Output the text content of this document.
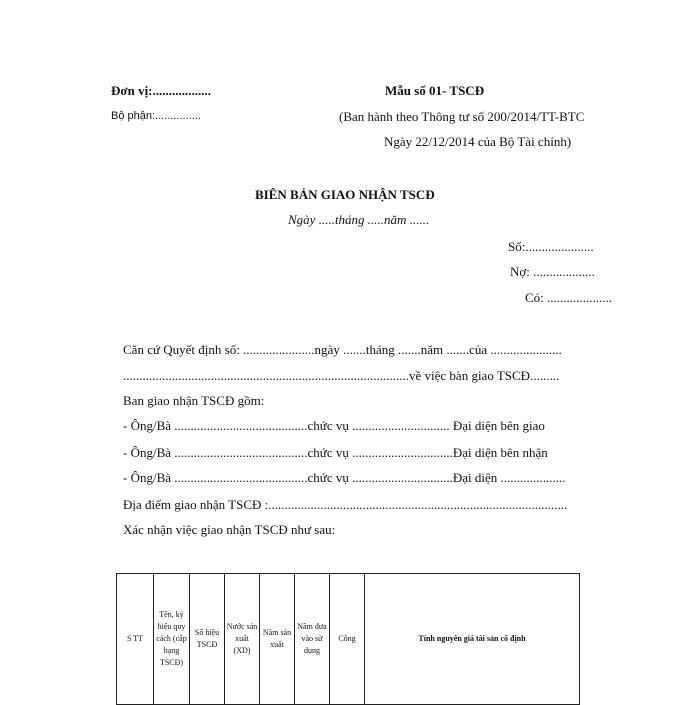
Đơn vị:..................
Bộ phận:...............
Mẫu số 01- TSCĐ
(Ban hành theo Thông tư số 200/2014/TT-BTC
Ngày 22/12/2014 của Bộ Tài chính)
BIÊN BẢN GIAO NHẬN TSCĐ
Ngày .....tháng .....năm ......
Số:.....................
Nợ: ...................
Có: ....................
Căn cứ Quyết định số: ......................ngày .......tháng .......năm .......của ......................
........................................................................................về việc bàn giao TSCĐ.........
Ban giao nhận TSCĐ gồm:
- Ông/Bà .........................................chức vụ .............................. Đại diện bên giao
- Ông/Bà .........................................chức vụ ...............................Đại diện bên nhận
- Ông/Bà .........................................chức vụ ...............................Đại diện ....................
Địa điểm giao nhận TSCĐ :............................................................................................
Xác nhận việc giao nhận TSCĐ như sau:
S TT	Tên, ký hiệu quy cách (cấp hạng TSCĐ)	Số hiệu TSCĐ	Nước sản xuất (XD)	Năm sản xuất	Năm đưa vào sử dụng	Công	Tính nguyên giá tài sản cố định
